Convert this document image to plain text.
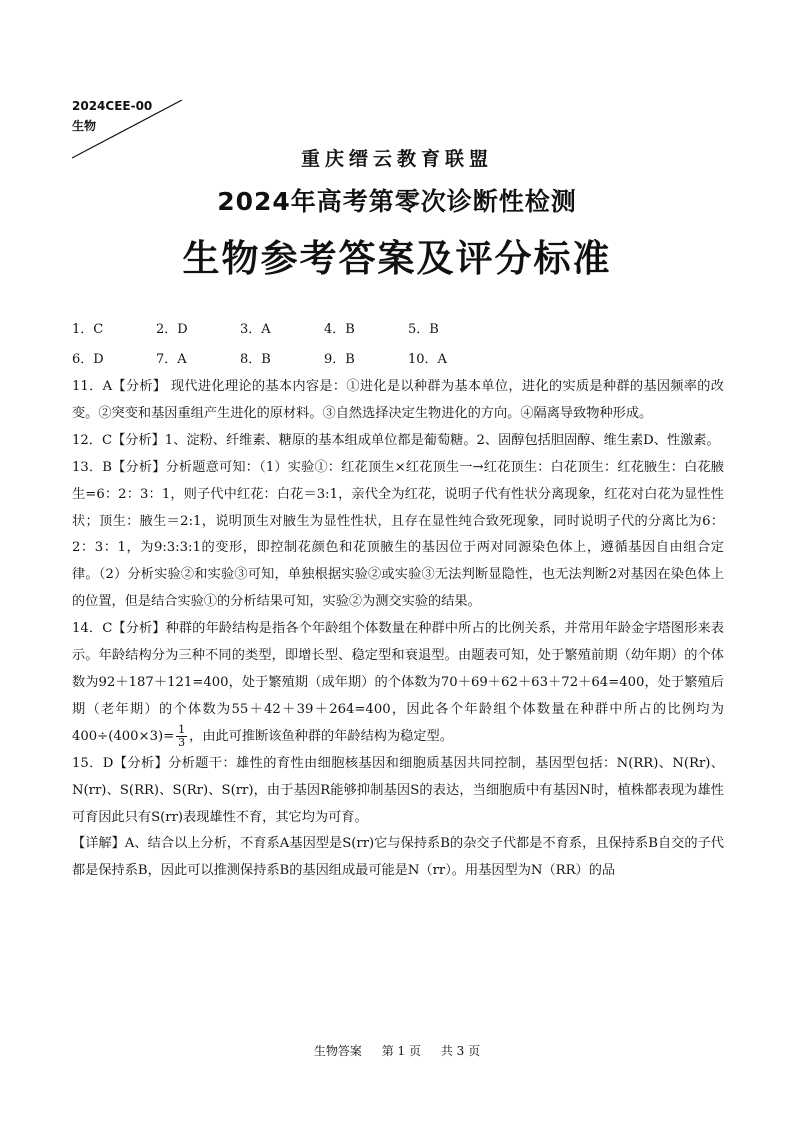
2024CEE-00
生物
重庆缙云教育联盟
2024年高考第零次诊断性检测
生物参考答案及评分标准
1．C	2．D	3．A	4．B	5．B
6．D	7．A	8．B	9．B	10．A

11．A【分析】 现代进化理论的基本内容是：①进化是以种群为基本单位，进化的实质是种群的基因频率的改变。②突变和基因重组产生进化的原材料。③自然选择决定生物进化的方向。④隔离导致物种形成。

12．C【分析】1、淀粉、纤维素、糖原的基本组成单位都是葡萄糖。2、固醇包括胆固醇、维生素D、性激素。

13．B【分析】分析题意可知：（1）实验①：红花顶生×红花顶生一→红花顶生：白花顶生：红花腋生：白花腋生=6：2：3：1，则子代中红花：白花＝3:1，亲代全为红花，说明子代有性状分离现象，红花对白花为显性性状；顶生：腋生＝2:1，说明顶生对腋生为显性性状，且存在显性纯合致死现象，同时说明子代的分离比为6：2：3：1，为9:3:3:1的变形，即控制花颜色和花顶腋生的基因位于两对同源染色体上，遵循基因自由组合定律。（2）分析实验②和实验③可知，单独根据实验②或实验③无法判断显隐性，也无法判断2对基因在染色体上的位置，但是结合实验①的分析结果可知，实验②为测交实验的结果。

14．C【分析】种群的年龄结构是指各个年龄组个体数量在种群中所占的比例关系，并常用年龄金字塔图形来表示。年龄结构分为三种不同的类型，即增长型、稳定型和衰退型。由题表可知，处于繁殖前期（幼年期）的个体数为92＋187＋121=400，处于繁殖期（成年期）的个体数为70＋69＋62＋63＋72＋64=400，处于繁殖后期（老年期）的个体数为55＋42＋39＋264=400，因此各个年龄组个体数量在种群中所占的比例均为$400\div(400\times 3)= \frac{1}{3}$ ，由此可推断该鱼种群的年龄结构为稳定型。

15．D【分析】分析题干：雄性的育性由细胞核基因和细胞质基因共同控制，基因型包括：N(RR)、N(Rr)、N(rr)、S(RR)、S(Rr)、S(rr)，由于基因R能够抑制基因S的表达，当细胞质中有基因N时，植株都表现为雄性可育因此只有S(rr)表现雄性不育，其它均为可育。

【详解】A、结合以上分析，不育系A基因型是S(rr)它与保持系B的杂交子代都是不育系，且保持系B自交的子代都是保持系B，因此可以推测保持系B的基因组成最可能是N（rr）。用基因型为N（RR）的品

生物答案 第 1 页 共 3 页
